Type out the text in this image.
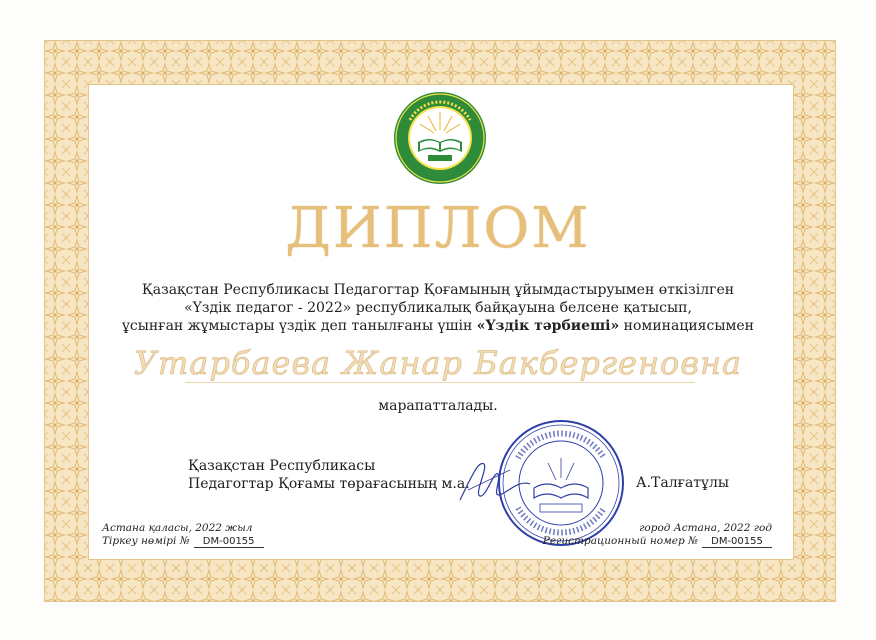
ДИПЛОМ
Қазақстан Республикасы Педагогтар Қоғамының ұйымдастыруымен өткізілген
«Үздік педагог - 2022» республикалық байқауына белсене қатысып,
ұсынған жұмыстары үздік деп танылғаны үшін «Үздік тәрбиеші» номинациясымен
Утарбаева Жанар Бакбергеновна
марапатталады.
Қазақстан Республикасы
Педагогтар Қоғамы төрағасының м.а.	А.Талғатұлы
Астана қаласы, 2022 жыл
Тіркеу нөмірі № DM-00155
город Астана, 2022 год
Регистрационный номер № DM-00155
